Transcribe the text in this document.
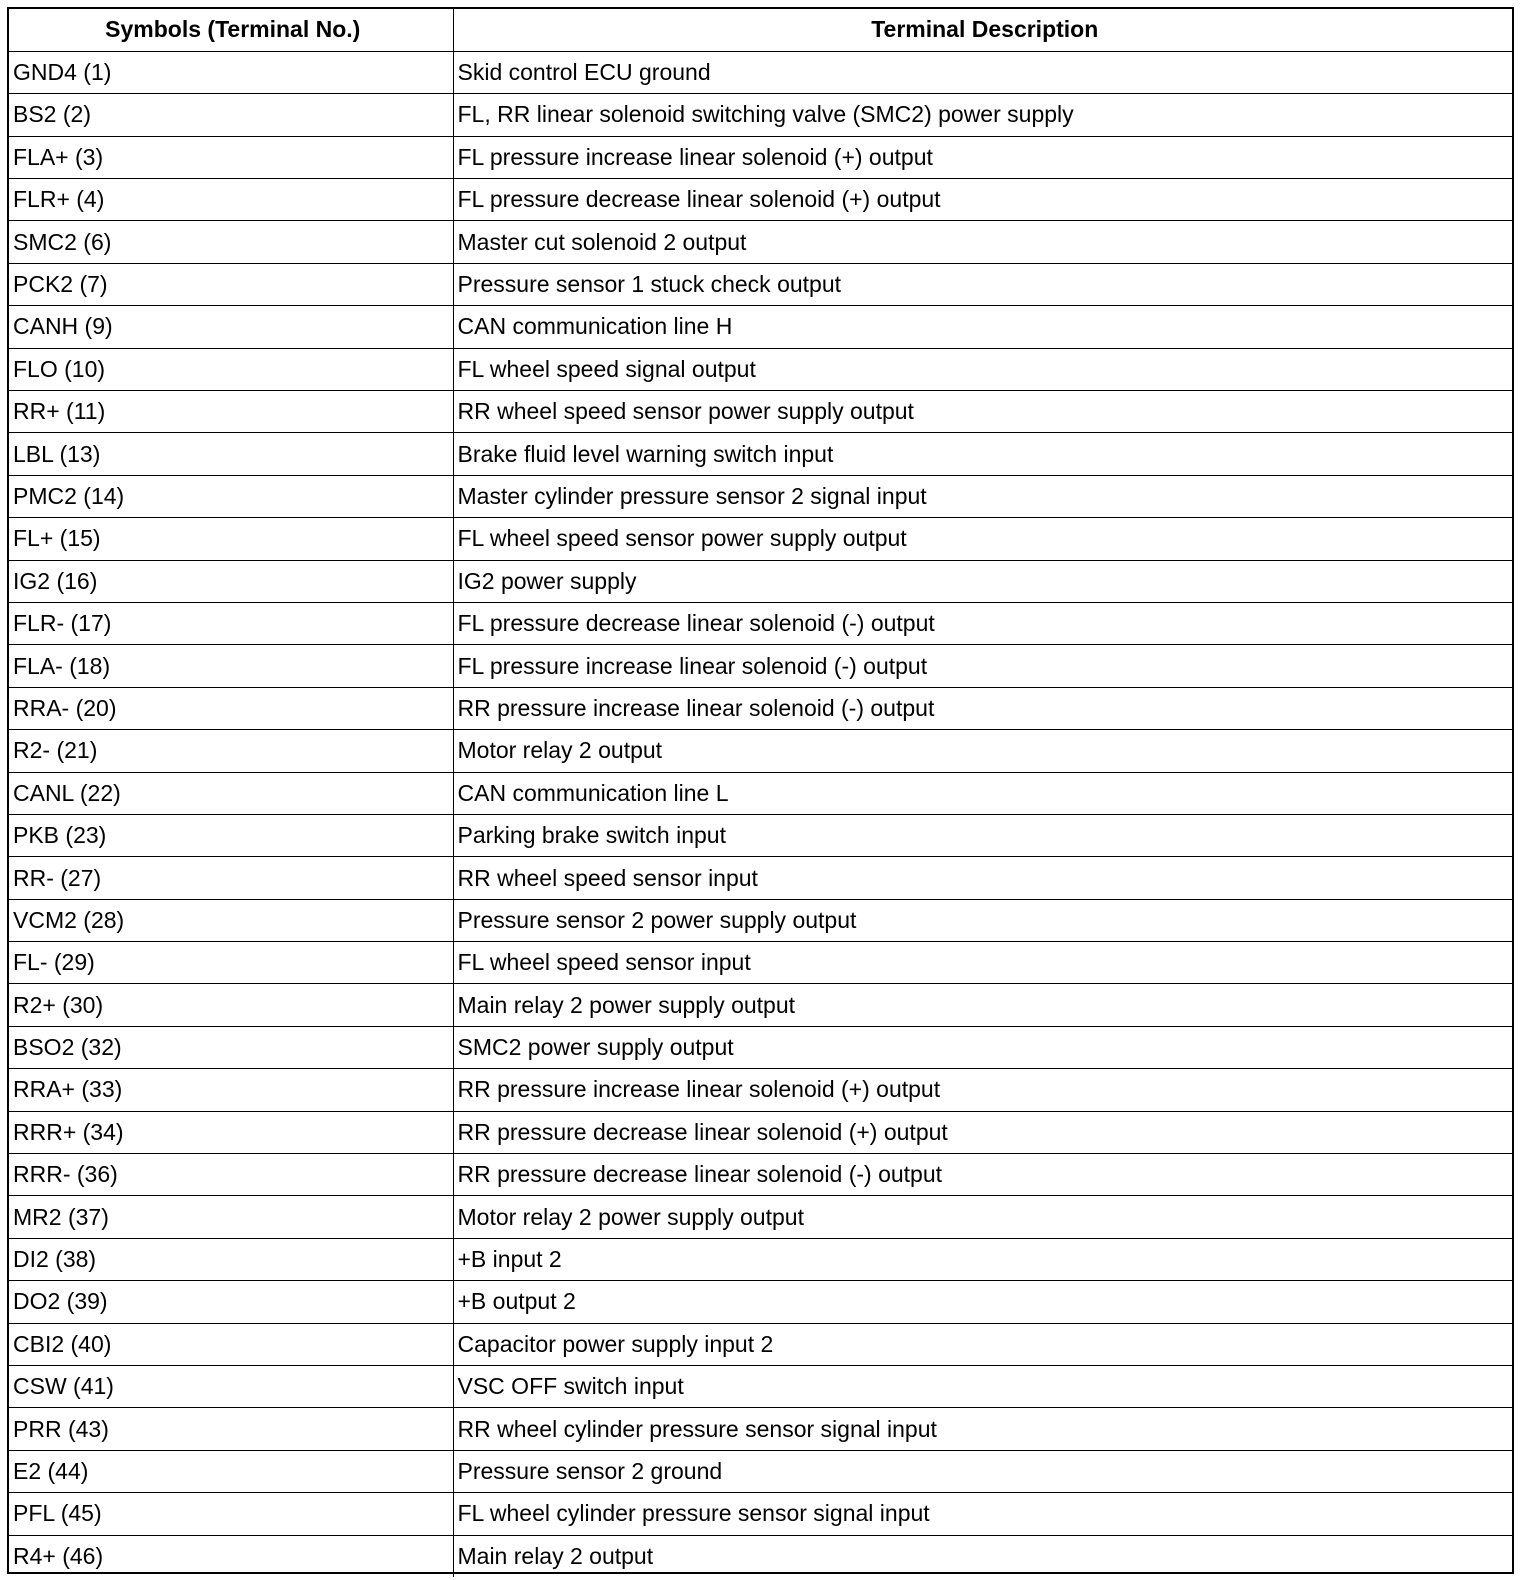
Symbols (Terminal No.)	Terminal Description
GND4 (1)	Skid control ECU ground
BS2 (2)	FL, RR linear solenoid switching valve (SMC2) power supply
FLA+ (3)	FL pressure increase linear solenoid (+) output
FLR+ (4)	FL pressure decrease linear solenoid (+) output
SMC2 (6)	Master cut solenoid 2 output
PCK2 (7)	Pressure sensor 1 stuck check output
CANH (9)	CAN communication line H
FLO (10)	FL wheel speed signal output
RR+ (11)	RR wheel speed sensor power supply output
LBL (13)	Brake fluid level warning switch input
PMC2 (14)	Master cylinder pressure sensor 2 signal input
FL+ (15)	FL wheel speed sensor power supply output
IG2 (16)	IG2 power supply
FLR- (17)	FL pressure decrease linear solenoid (-) output
FLA- (18)	FL pressure increase linear solenoid (-) output
RRA- (20)	RR pressure increase linear solenoid (-) output
R2- (21)	Motor relay 2 output
CANL (22)	CAN communication line L
PKB (23)	Parking brake switch input
RR- (27)	RR wheel speed sensor input
VCM2 (28)	Pressure sensor 2 power supply output
FL- (29)	FL wheel speed sensor input
R2+ (30)	Main relay 2 power supply output
BSO2 (32)	SMC2 power supply output
RRA+ (33)	RR pressure increase linear solenoid (+) output
RRR+ (34)	RR pressure decrease linear solenoid (+) output
RRR- (36)	RR pressure decrease linear solenoid (-) output
MR2 (37)	Motor relay 2 power supply output
DI2 (38)	+B input 2
DO2 (39)	+B output 2
CBI2 (40)	Capacitor power supply input 2
CSW (41)	VSC OFF switch input
PRR (43)	RR wheel cylinder pressure sensor signal input
E2 (44)	Pressure sensor 2 ground
PFL (45)	FL wheel cylinder pressure sensor signal input
R4+ (46)	Main relay 2 output
